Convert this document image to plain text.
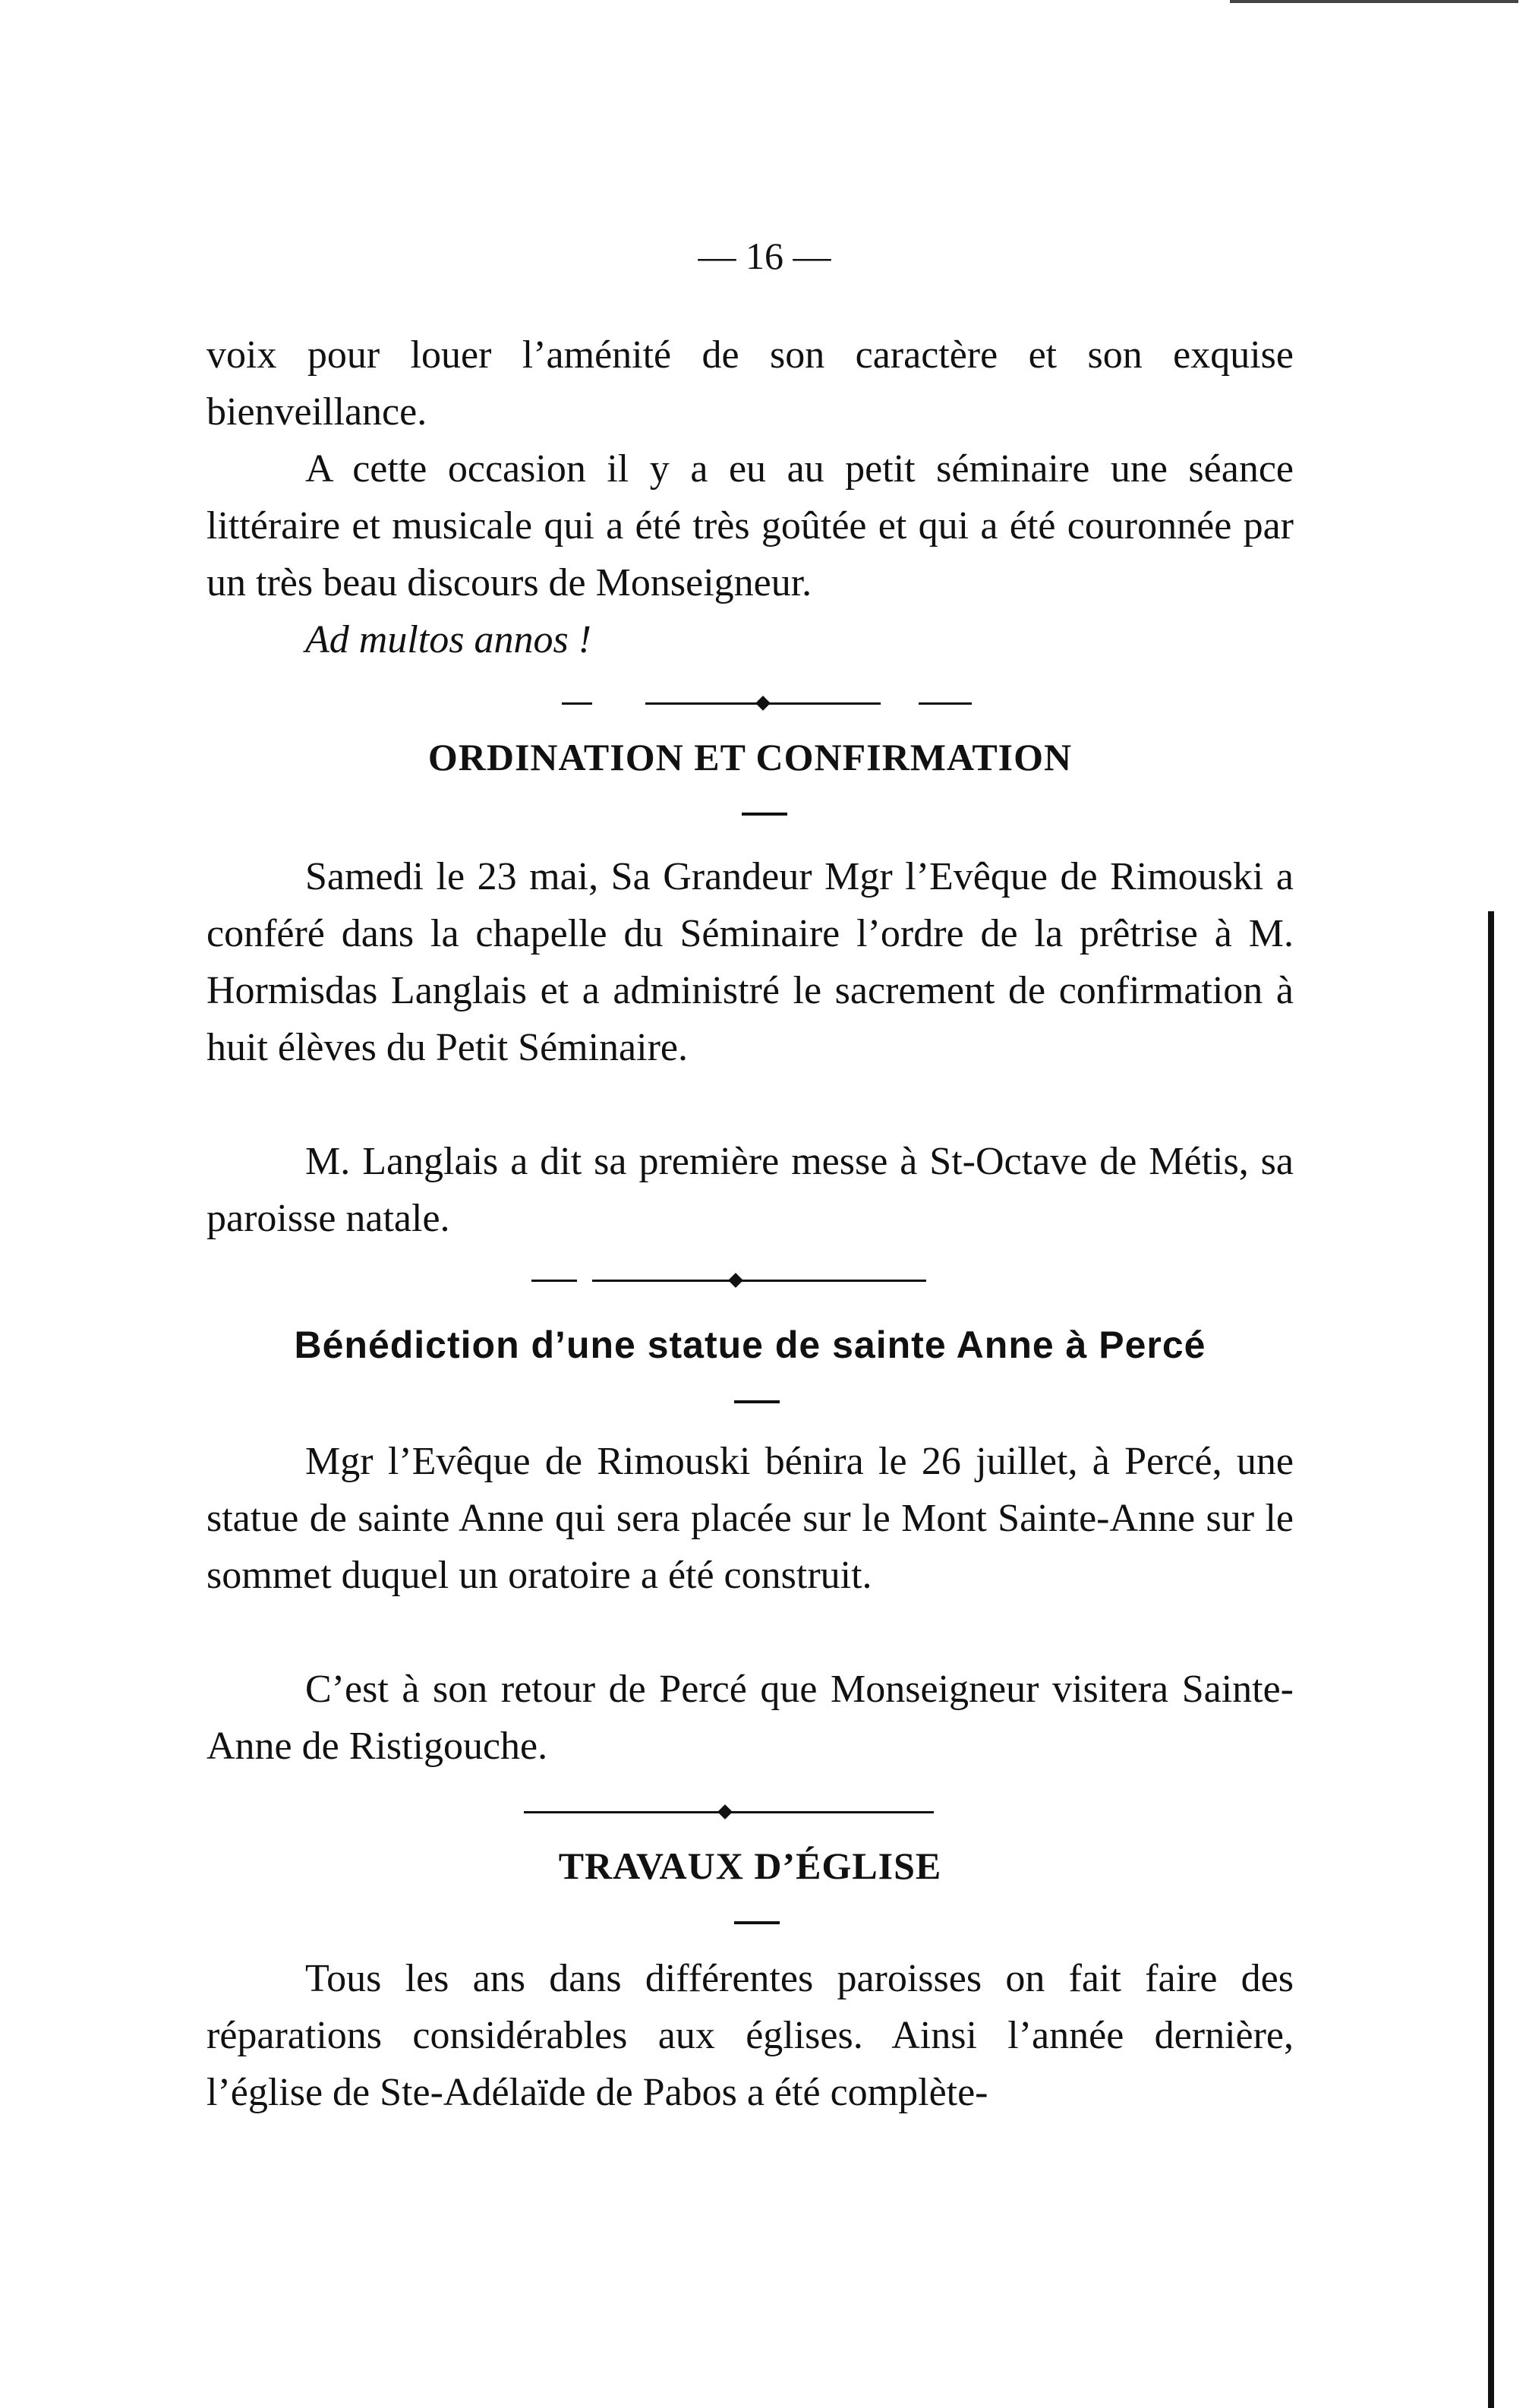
— 16 —

voix pour louer l’aménité de son caractère et son exquise bienveillance.

A cette occasion il y a eu au petit séminaire une séance littéraire et musicale qui a été très goûtée et qui a été couronnée par un très beau discours de Monseigneur.

Ad multos annos !

ORDINATION ET CONFIRMATION

Samedi le 23 mai, Sa Grandeur Mgr l’Evêque de Rimouski a conféré dans la chapelle du Séminaire l’ordre de la prêtrise à M. Hormisdas Langlais et a administré le sacrement de confirmation à huit élèves du Petit Séminaire.

M. Langlais a dit sa première messe à St-Octave de Métis, sa paroisse natale.

Bénédiction d’une statue de sainte Anne à Percé

Mgr l’Evêque de Rimouski bénira le 26 juillet, à Percé, une statue de sainte Anne qui sera placée sur le Mont Sainte-Anne sur le sommet duquel un oratoire a été construit.

C’est à son retour de Percé que Monseigneur visitera Sainte-Anne de Ristigouche.

TRAVAUX D’ÉGLISE

Tous les ans dans différentes paroisses on fait faire des réparations considérables aux églises. Ainsi l’année dernière, l’église de Ste-Adélaïde de Pabos a été complète-
